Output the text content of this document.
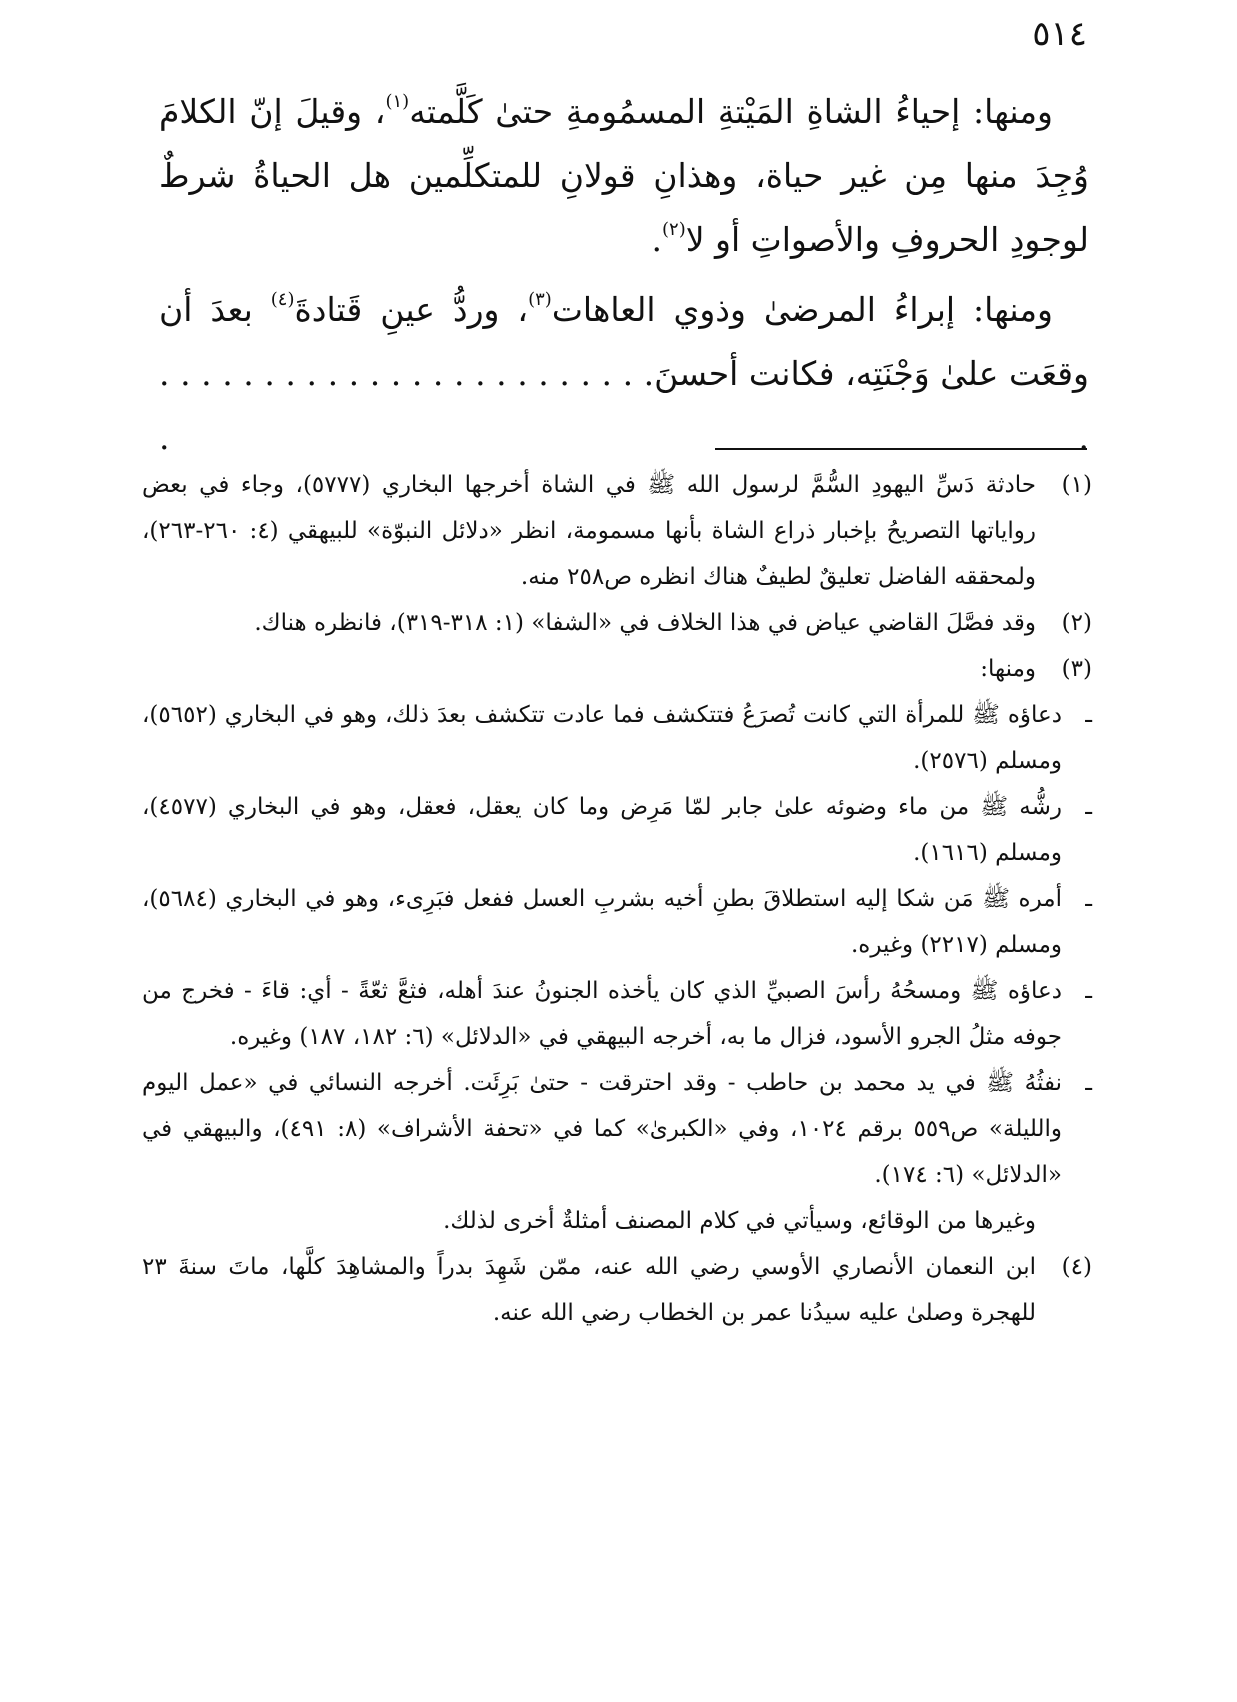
٥١٤

ومنها: إحياءُ الشاةِ المَيْتةِ المسمُومةِ حتىٰ كَلَّمته$^{(١)}$، وقيلَ إنّ الكلامَ وُجِدَ منها مِن غير حياة، وهذانِ قولانِ للمتكلِّمين هل الحياةُ شرطٌ لوجودِ الحروفِ والأصواتِ أو لا$^{(٢)}$.

ومنها: إبراءُ المرضىٰ وذوي العاهات$^{(٣)}$، وردُّ عينِ قَتادةَ$^{(٤)}$ بعدَ أن وقعَت علىٰ وَجْنَتِه، فكانت أحسنَ. . . . . . . . . . . . . . . . . . . . . . . . . .

(١)

حادثة دَسِّ اليهودِ السُّمَّ لرسول الله ﷺ في الشاة أخرجها البخاري (٥٧٧٧)، وجاء في بعض رواياتها التصريحُ بإخبار ذراع الشاة بأنها مسمومة، انظر «دلائل النبوّة» للبيهقي (٤: ٢٦٠-٢٦٣)، ولمحققه الفاضل تعليقٌ لطيفٌ هناك انظره ص٢٥٨ منه.

(٢)

وقد فصَّلَ القاضي عياض في هذا الخلاف في «الشفا» (١: ٣١٨-٣١٩)، فانظره هناك.

(٣)

ومنها:

ـ
دعاؤه ﷺ للمرأة التي كانت تُصرَعُ فتتكشف فما عادت تتكشف بعدَ ذلك، وهو في البخاري (٥٦٥٢)، ومسلم (٢٥٧٦).
ـ
رشُّه ﷺ من ماء وضوئه علىٰ جابر لمّا مَرِض وما كان يعقل، فعقل، وهو في البخاري (٤٥٧٧)، ومسلم (١٦١٦).
ـ
أمره ﷺ مَن شكا إليه استطلاقَ بطنِ أخيه بشربِ العسل ففعل فبَرِىء، وهو في البخاري (٥٦٨٤)، ومسلم (٢٢١٧) وغيره.
ـ
دعاؤه ﷺ ومسحُهُ رأسَ الصبيِّ الذي كان يأخذه الجنونُ عندَ أهله، فثعَّ ثعّةً - أي: قاءَ - فخرج من جوفه مثلُ الجرو الأسود، فزال ما به، أخرجه البيهقي في «الدلائل» (٦: ١٨٢، ١٨٧) وغيره.
ـ
نفثُهُ ﷺ في يد محمد بن حاطب - وقد احترقت - حتىٰ بَرِئَت. أخرجه النسائي في «عمل اليوم والليلة» ص٥٥٩ برقم ١٠٢٤، وفي «الكبرىٰ» كما في «تحفة الأشراف» (٨: ٤٩١)، والبيهقي في «الدلائل» (٦: ١٧٤).

وغيرها من الوقائع، وسيأتي في كلام المصنف أمثلةٌ أخرى لذلك.

(٤)

ابن النعمان الأنصاري الأوسي رضي الله عنه، ممّن شَهِدَ بدراً والمشاهِدَ كلَّها، ماتَ سنةَ ٢٣ للهجرة وصلىٰ عليه سيدُنا عمر بن الخطاب رضي الله عنه.
